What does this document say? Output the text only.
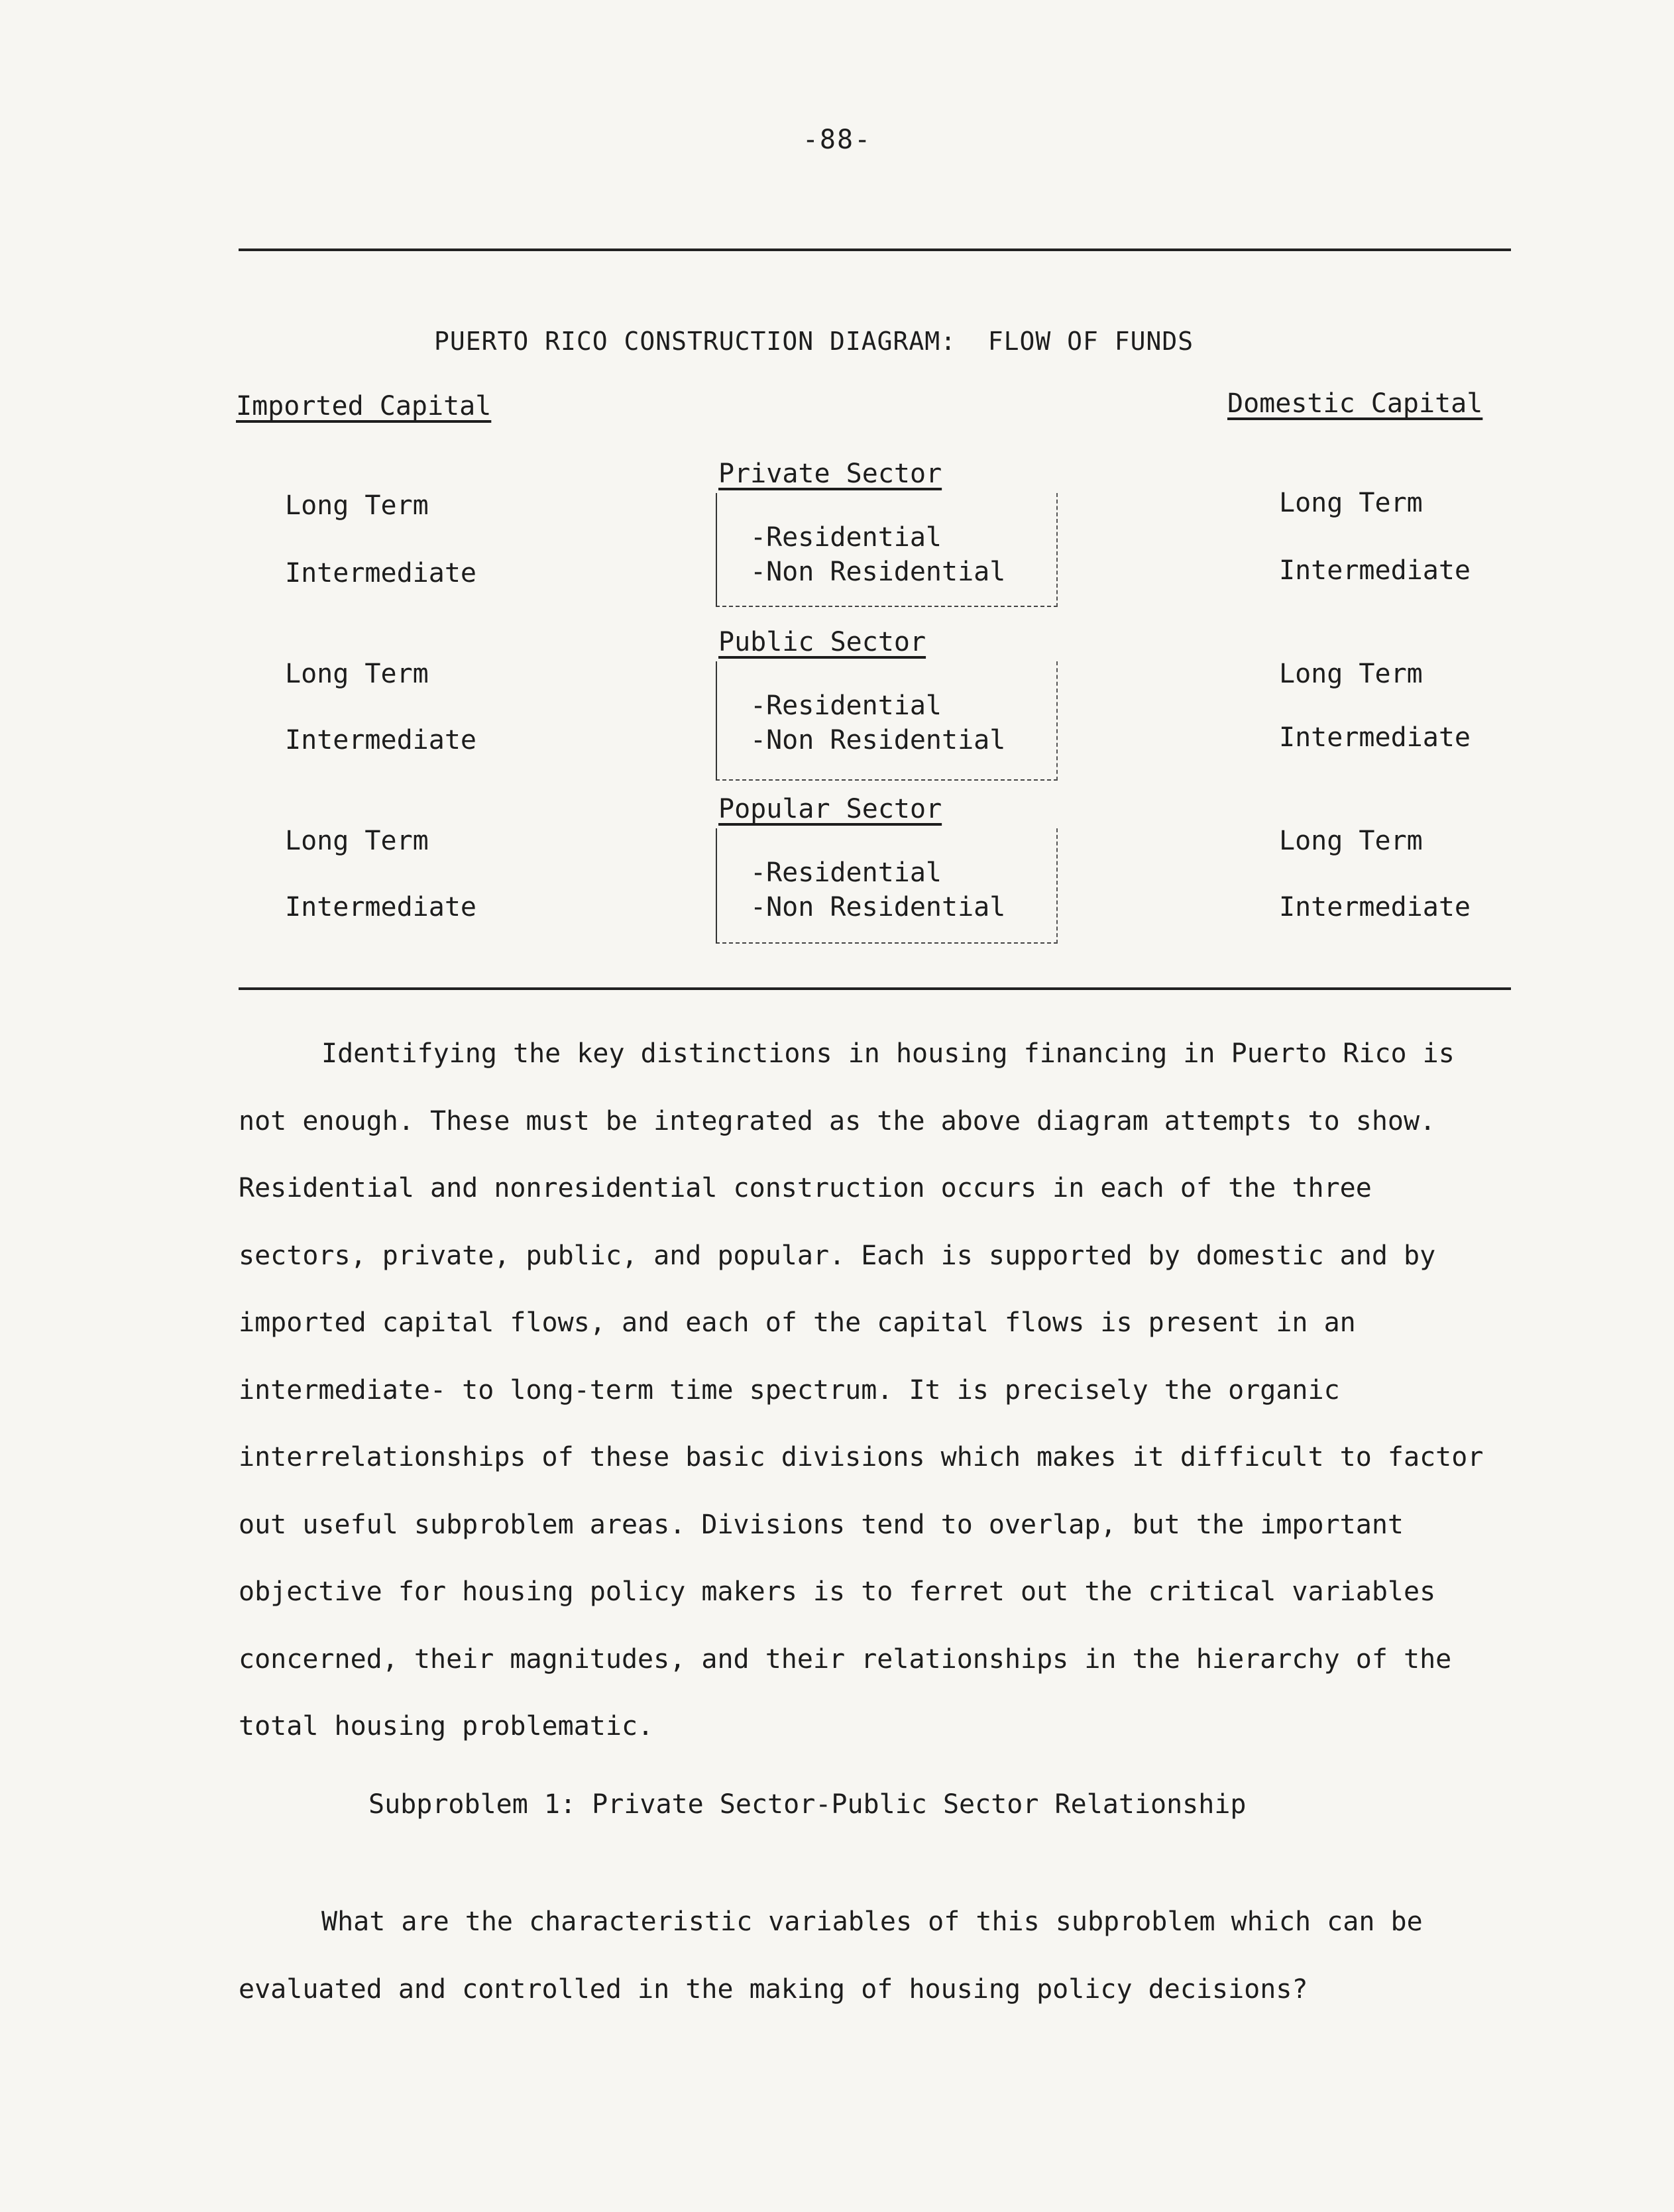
-88-
PUERTO RICO CONSTRUCTION DIAGRAM:  FLOW OF FUNDS
Imported Capital	Domestic Capital
Long Term
Intermediate
Long Term
Intermediate
Private Sector
-Residential
-Non Residential
Long Term
Intermediate
Long Term
Intermediate
Public Sector
-Residential
-Non Residential
Long Term
Intermediate
Long Term
Intermediate
Popular Sector
-Residential
-Non Residential

Identifying the key distinctions in housing financing in Puerto Rico is not enough. These must be integrated as the above diagram attempts to show. Residential and nonresidential construction occurs in each of the three sectors, private, public, and popular. Each is supported by domestic and by imported capital flows, and each of the capital flows is present in an intermediate- to long-term time spectrum. It is precisely the organic interrelationships of these basic divisions which makes it difficult to factor out useful subproblem areas. Divisions tend to overlap, but the important objective for housing policy makers is to ferret out the critical variables concerned, their magnitudes, and their relationships in the hierarchy of the total housing problematic.

Subproblem 1: Private Sector-Public Sector Relationship

What are the characteristic variables of this subproblem which can be evaluated and controlled in the making of housing policy decisions?
